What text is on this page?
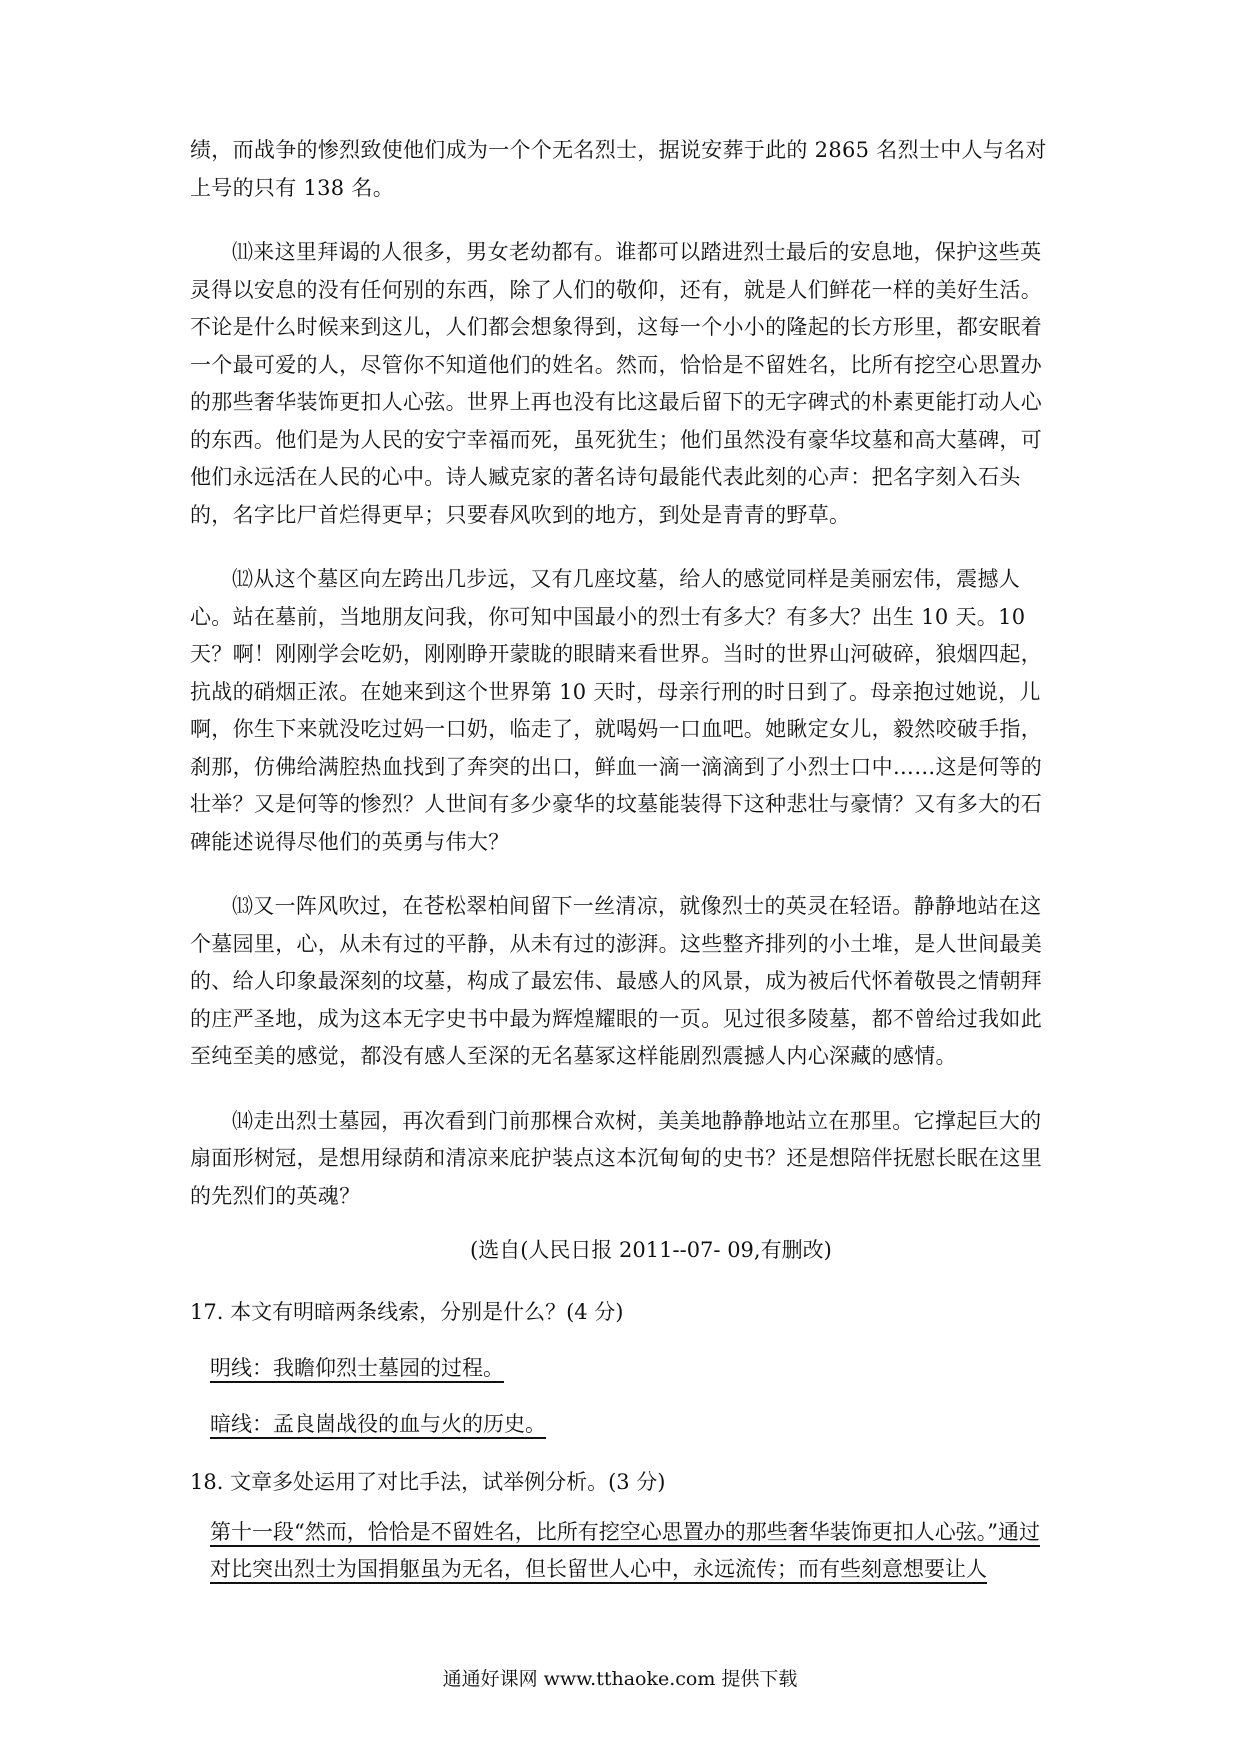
绩，而战争的惨烈致使他们成为一个个无名烈士，据说安葬于此的 2865 名烈士中人与名对上号的只有 138 名。

⑾来这里拜谒的人很多，男女老幼都有。谁都可以踏进烈士最后的安息地，保护这些英灵得以安息的没有任何别的东西，除了人们的敬仰，还有，就是人们鲜花一样的美好生活。不论是什么时候来到这儿，人们都会想象得到，这每一个小小的隆起的长方形里，都安眠着一个最可爱的人，尽管你不知道他们的姓名。然而，恰恰是不留姓名，比所有挖空心思置办的那些奢华装饰更扣人心弦。世界上再也没有比这最后留下的无字碑式的朴素更能打动人心的东西。他们是为人民的安宁幸福而死，虽死犹生；他们虽然没有豪华坟墓和高大墓碑，可他们永远活在人民的心中。诗人臧克家的著名诗句最能代表此刻的心声：把名字刻入石头的，名字比尸首烂得更早；只要春风吹到的地方，到处是青青的野草。

⑿从这个墓区向左跨出几步远，又有几座坟墓，给人的感觉同样是美丽宏伟，震撼人心。站在墓前，当地朋友问我，你可知中国最小的烈士有多大？有多大？出生 10 天。10 天？啊！刚刚学会吃奶，刚刚睁开蒙眬的眼睛来看世界。当时的世界山河破碎，狼烟四起，抗战的硝烟正浓。在她来到这个世界第 10 天时，母亲行刑的时日到了。母亲抱过她说，儿啊，你生下来就没吃过妈一口奶，临走了，就喝妈一口血吧。她瞅定女儿，毅然咬破手指，刹那，仿佛给满腔热血找到了奔突的出口，鲜血一滴一滴滴到了小烈士口中……这是何等的壮举？又是何等的惨烈？人世间有多少豪华的坟墓能装得下这种悲壮与豪情？又有多大的石碑能述说得尽他们的英勇与伟大？

⒀又一阵风吹过，在苍松翠柏间留下一丝清凉，就像烈士的英灵在轻语。静静地站在这个墓园里，心，从未有过的平静，从未有过的澎湃。这些整齐排列的小土堆，是人世间最美的、给人印象最深刻的坟墓，构成了最宏伟、最感人的风景，成为被后代怀着敬畏之情朝拜的庄严圣地，成为这本无字史书中最为辉煌耀眼的一页。见过很多陵墓，都不曾给过我如此至纯至美的感觉，都没有感人至深的无名墓冢这样能剧烈震撼人内心深藏的感情。

⒁走出烈士墓园，再次看到门前那棵合欢树，美美地静静地站立在那里。它撑起巨大的扇面形树冠，是想用绿荫和清凉来庇护装点这本沉甸甸的史书？还是想陪伴抚慰长眠在这里的先烈们的英魂？

(选自(人民日报 2011--07- 09,有删改)
17. 本文有明暗两条线索，分别是什么？(4 分)
明线：我瞻仰烈士墓园的过程。
暗线：孟良崮战役的血与火的历史。
18. 文章多处运用了对比手法，试举例分析。(3 分)
第十一段“然而，恰恰是不留姓名，比所有挖空心思置办的那些奢华装饰更扣人心弦。”通过对比突出烈士为国捐躯虽为无名，但长留世人心中，永远流传；而有些刻意想要让人
通通好课网 www.tthaoke.com 提供下载
